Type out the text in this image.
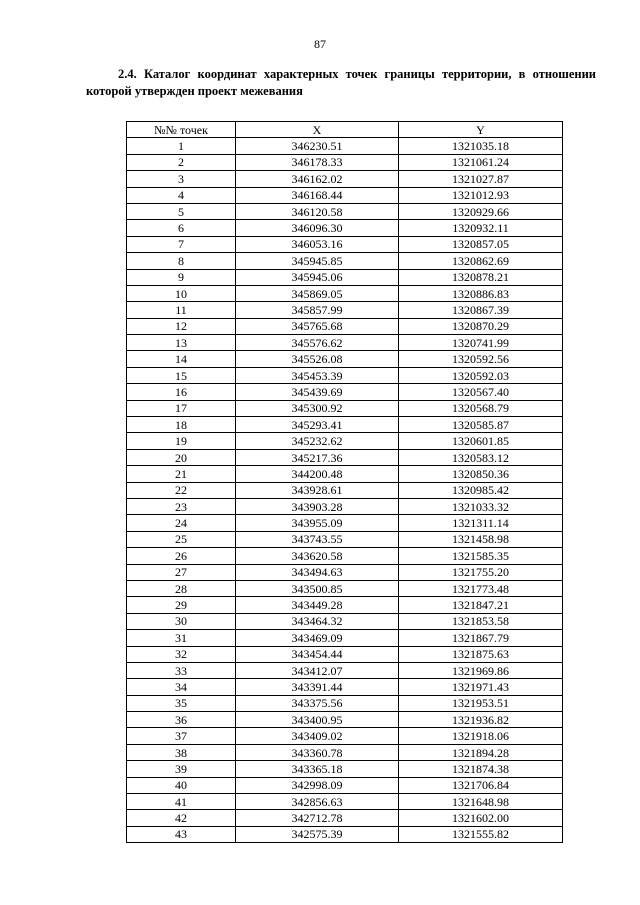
87
2.4. Каталог координат характерных точек границы территории, в отношении которой утвержден проект межевания
№№ точек	X	Y
1	346230.51	1321035.18
2	346178.33	1321061.24
3	346162.02	1321027.87
4	346168.44	1321012.93
5	346120.58	1320929.66
6	346096.30	1320932.11
7	346053.16	1320857.05
8	345945.85	1320862.69
9	345945.06	1320878.21
10	345869.05	1320886.83
11	345857.99	1320867.39
12	345765.68	1320870.29
13	345576.62	1320741.99
14	345526.08	1320592.56
15	345453.39	1320592.03
16	345439.69	1320567.40
17	345300.92	1320568.79
18	345293.41	1320585.87
19	345232.62	1320601.85
20	345217.36	1320583.12
21	344200.48	1320850.36
22	343928.61	1320985.42
23	343903.28	1321033.32
24	343955.09	1321311.14
25	343743.55	1321458.98
26	343620.58	1321585.35
27	343494.63	1321755.20
28	343500.85	1321773.48
29	343449.28	1321847.21
30	343464.32	1321853.58
31	343469.09	1321867.79
32	343454.44	1321875.63
33	343412.07	1321969.86
34	343391.44	1321971.43
35	343375.56	1321953.51
36	343400.95	1321936.82
37	343409.02	1321918.06
38	343360.78	1321894.28
39	343365.18	1321874.38
40	342998.09	1321706.84
41	342856.63	1321648.98
42	342712.78	1321602.00
43	342575.39	1321555.82
